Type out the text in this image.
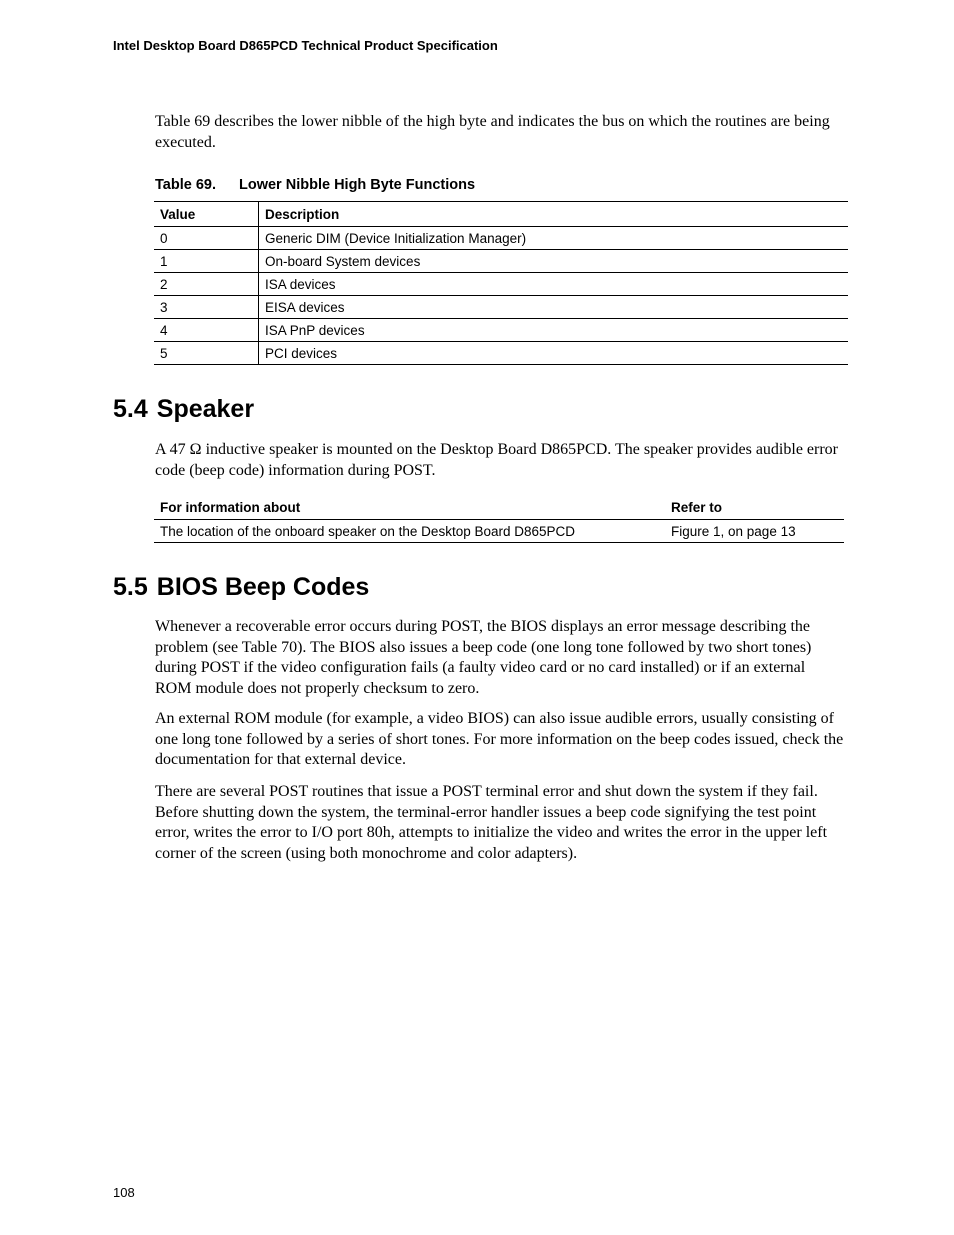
Intel Desktop Board D865PCD Technical Product Specification

Table 69 describes the lower nibble of the high byte and indicates the bus on which the routines are being executed.

Table 69. Lower Nibble High Byte Functions
Value	Description
0	Generic DIM (Device Initialization Manager)
1	On-board System devices
2	ISA devices
3	EISA devices
4	ISA PnP devices
5	PCI devices
5.4 Speaker

A 47 Ω inductive speaker is mounted on the Desktop Board D865PCD. The speaker provides audible error code (beep code) information during POST.

For information about	Refer to
The location of the onboard speaker on the Desktop Board D865PCD	Figure 1, on page 13
5.5 BIOS Beep Codes

Whenever a recoverable error occurs during POST, the BIOS displays an error message describing the problem (see Table 70). The BIOS also issues a beep code (one long tone followed by two short tones) during POST if the video configuration fails (a faulty video card or no card installed) or if an external ROM module does not properly checksum to zero.

An external ROM module (for example, a video BIOS) can also issue audible errors, usually consisting of one long tone followed by a series of short tones. For more information on the beep codes issued, check the documentation for that external device.

There are several POST routines that issue a POST terminal error and shut down the system if they fail. Before shutting down the system, the terminal-error handler issues a beep code signifying the test point error, writes the error to I/O port 80h, attempts to initialize the video and writes the error in the upper left corner of the screen (using both monochrome and color adapters).

108
